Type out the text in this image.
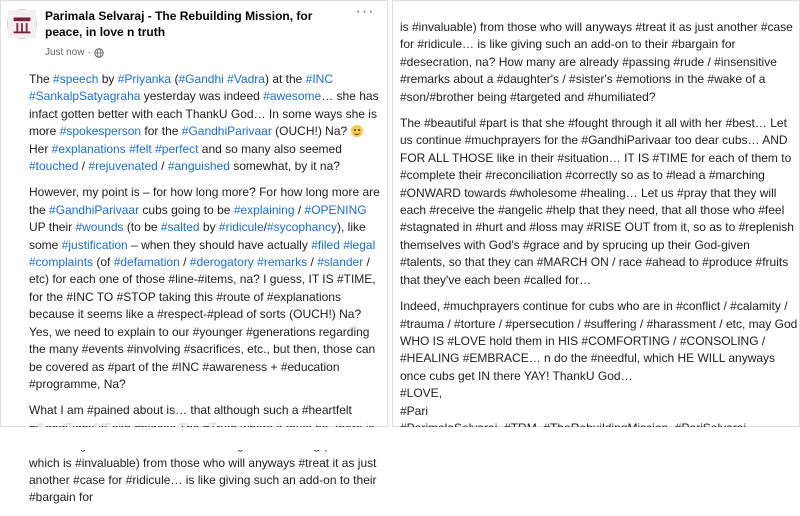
Parimala Selvaraj - The Rebuilding Mission, for peace, in love n truth
Just now ·
···

The #speech by #Priyanka (#Gandhi #Vadra) at the #INC #SankalpSatyagraha yesterday was indeed #awesome… she has infact gotten better with each ThankU God… In some ways she is more #spokesperson for the #GandhiParivaar (OUCH!) Na?  Her #explanations #felt #perfect and so many also seemed #touched / #rejuvenated / #anguished somewhat, by it na?

However, my point is – for how long more? For how long more are the #GandhiParivaar cubs going to be #explaining / #OPENING UP their #wounds (to be #salted by #ridicule/#sycophancy), like some #justification – when they should have actually #filed #legal #complaints (of #defamation / #derogatory #remarks / #slander / etc) for each one of those #line-#items, na? I guess, IT IS #TIME, for the #INC TO #STOP taking this #route of #explanations because it seems like a #respect-#plead of sorts (OUCH!) Na? Yes, we need to explain to our #younger #generations regarding the many #events #involving #sacrifices, etc., but then, those can be covered as #part of the #INC #awareness + #education #programme, Na?

What I am #pained about is… that although such a #heartfelt which is #invaluable) from those who will anyways #treat it as just another #case for #ridicule… is like giving such an add-on to their #bargain for

is #invaluable) from those who will anyways #treat it as just another #case for #ridicule… is like giving such an add-on to their #bargain for #desecration, na? How many are already #passing #rude / #insensitive #remarks about a #daughter's / #sister's #emotions in the #wake of a #son/#brother being #targeted and #humiliated?

The #beautiful #part is that she #fought through it all with her #best… Let us continue #muchprayers for the #GandhiParivaar too dear cubs… AND FOR ALL THOSE like in their #situation… IT IS #TIME for each of them to #complete their #reconciliation #correctly so as to #lead a #marching #ONWARD towards #wholesome #healing… Let us #pray that they will each #receive the #angelic #help that they need, that all those who #feel #stagnated in #hurt and #loss may #RISE OUT from it, so as to #replenish themselves with God's #grace and by sprucing up their God-given #talents, so that they can #MARCH ON / race #ahead to #produce #fruits that they've each been #called for…

Indeed, #muchprayers continue for cubs who are in #conflict / #calamity / #trauma / #torture / #persecution / #suffering / #harassment / etc, may God WHO IS #LOVE hold them in HIS #COMFORTING / #CONSOLING / #HEALING #EMBRACE… n do the #needful, which HE WILL anyways once cubs get IN there YAY! ThankU God…

#LOVE,
#Pari
